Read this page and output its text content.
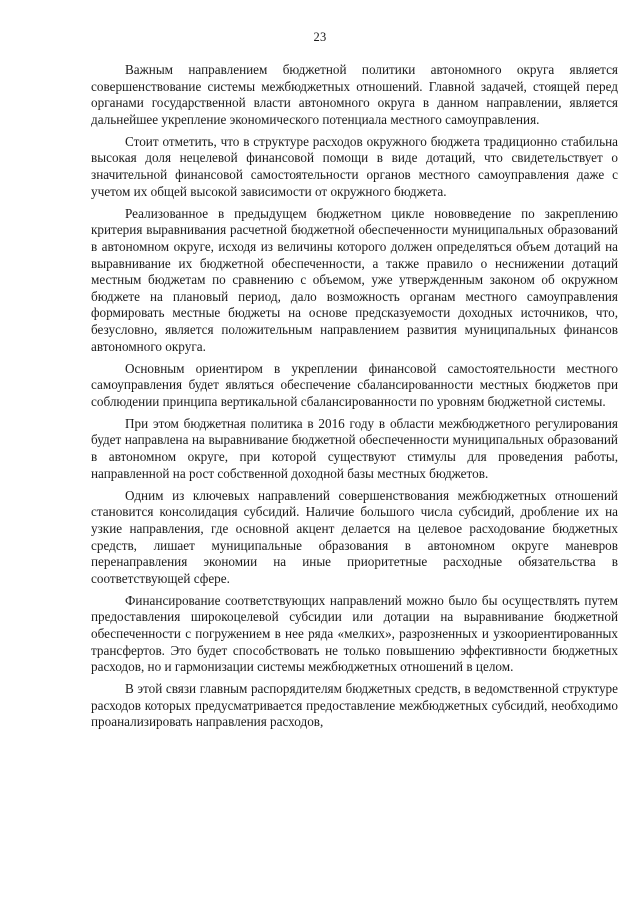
23

Важным направлением бюджетной политики автономного округа является совершенствование системы межбюджетных отношений. Главной задачей, стоящей перед органами государственной власти автономного округа в данном направлении, является дальнейшее укрепление экономического потенциала местного самоуправления.

Стоит отметить, что в структуре расходов окружного бюджета традиционно стабильна высокая доля нецелевой финансовой помощи в виде дотаций, что свидетельствует о значительной финансовой самостоятельности органов местного самоуправления даже с учетом их общей высокой зависимости от окружного бюджета.

Реализованное в предыдущем бюджетном цикле нововведение по закреплению критерия выравнивания расчетной бюджетной обеспеченности муниципальных образований в автономном округе, исходя из величины которого должен определяться объем дотаций на выравнивание их бюджетной обеспеченности, а также правило о неснижении дотаций местным бюджетам по сравнению с объемом, уже утвержденным законом об окружном бюджете на плановый период, дало возможность органам местного самоуправления формировать местные бюджеты на основе предсказуемости доходных источников, что, безусловно, является положительным направлением развития муниципальных финансов автономного округа.

Основным ориентиром в укреплении финансовой самостоятельности местного самоуправления будет являться обеспечение сбалансированности местных бюджетов при соблюдении принципа вертикальной сбалансированности по уровням бюджетной системы.

При этом бюджетная политика в 2016 году в области межбюджетного регулирования будет направлена на выравнивание бюджетной обеспеченности муниципальных образований в автономном округе, при которой существуют стимулы для проведения работы, направленной на рост собственной доходной базы местных бюджетов.

Одним из ключевых направлений совершенствования межбюджетных отношений становится консолидация субсидий. Наличие большого числа субсидий, дробление их на узкие направления, где основной акцент делается на целевое расходование бюджетных средств, лишает муниципальные образования в автономном округе маневров перенаправления экономии на иные приоритетные расходные обязательства в соответствующей сфере.

Финансирование соответствующих направлений можно было бы осуществлять путем предоставления широкоцелевой субсидии или дотации на выравнивание бюджетной обеспеченности с погружением в нее ряда «мелких», разрозненных и узкоориентированных трансфертов. Это будет способствовать не только повышению эффективности бюджетных расходов, но и гармонизации системы межбюджетных отношений в целом.

В этой связи главным распорядителям бюджетных средств, в ведомственной структуре расходов которых предусматривается предоставление межбюджетных субсидий, необходимо проанализировать направления расходов,
